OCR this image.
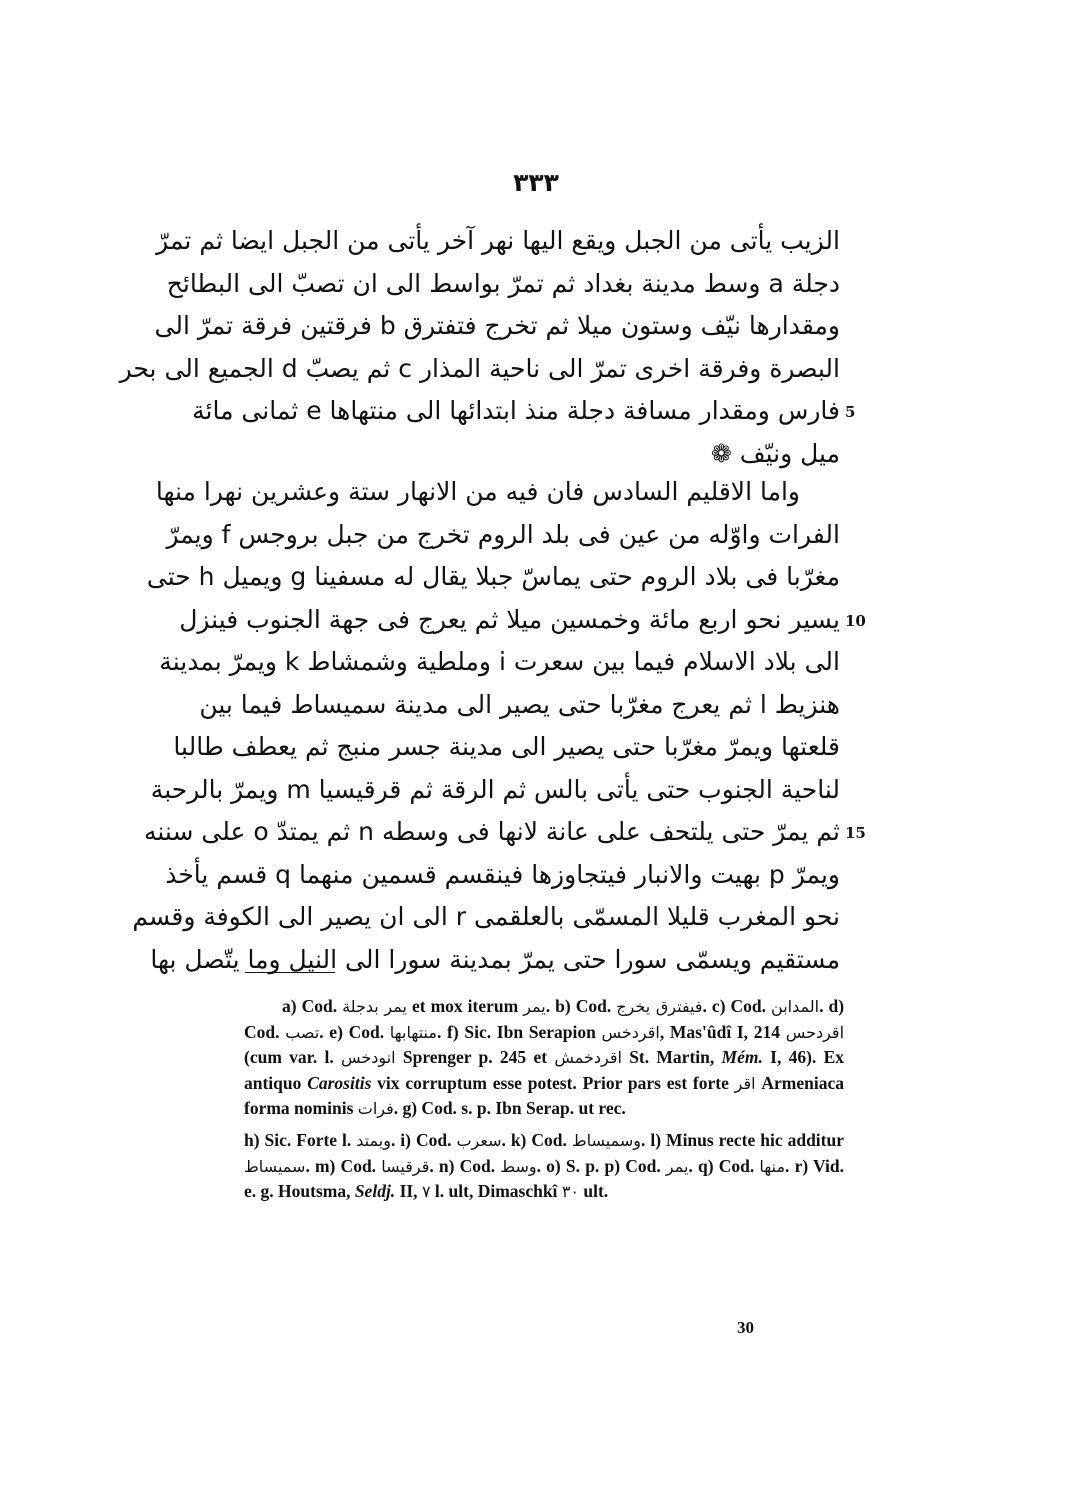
٣٣٣
الزيب يأتى من الجبل ويقع اليها نهر آخر يأتى من الجبل ايضا ثم تمرّ
دجلة a وسط مدينة بغداد ثم تمرّ بواسط الى ان تصبّ الى البطائح
ومقدارها نيّف وستون ميلا ثم تخرج فتفترق b فرقتين فرقة تمرّ الى
البصرة وفرقة اخرى تمرّ الى ناحية المذار c ثم يصبّ d الجميع الى بحر
فارس ومقدار مسافة دجلة منذ ابتدائها الى منتهاها e ثمانى مائة
ميل ونيّف ❁
واما الاقليم السادس فان فيه من الانهار ستة وعشرين نهرا منها
الفرات واوّله من عين فى بلد الروم تخرج من جبل بروجس f ويمرّ
مغرّبا فى بلاد الروم حتى يماسّ جبلا يقال له مسفينا g ويميل h حتى
يسير نحو اربع مائة وخمسين ميلا ثم يعرج فى جهة الجنوب فينزل
الى بلاد الاسلام فيما بين سعرت i وملطية وشمشاط k ويمرّ بمدينة
هنزيط l ثم يعرج مغرّبا حتى يصير الى مدينة سميساط فيما بين
قلعتها ويمرّ مغرّبا حتى يصير الى مدينة جسر منبج ثم يعطف طالبا
لناحية الجنوب حتى يأتى بالس ثم الرقة ثم قرقيسيا m ويمرّ بالرحبة
ثم يمرّ حتى يلتحف على عانة لانها فى وسطه n ثم يمتدّ o على سننه
ويمرّ p بهيت والانبار فيتجاوزها فينقسم قسمين منهما q قسم يأخذ
نحو المغرب قليلا المسمّى بالعلقمى r الى ان يصير الى الكوفة وقسم
مستقيم ويسمّى سورا حتى يمرّ بمدينة سورا الى النيل وما يتّصل بها
5
10
15

a) Cod. يمر بدجلة et mox iterum يمر. b) Cod. فيفترق يخرج. c) Cod. المدابن. d) Cod. تصب. e) Cod. منتهابها. f) Sic. Ibn Serapion اقردخس, Mas'ûdî I, 214 اقردحس (cum var. l. انودخس Sprenger p. 245 et اقردخمش St. Martin, Mém. I, 46). Ex antiquo Carositis vix corruptum esse potest. Prior pars est forte اقر Armeniaca forma nominis فرات. g) Cod. s. p. Ibn Serap. ut rec.

h) Sic. Forte l. ويمتد. i) Cod. سعرب. k) Cod. وسميساط. l) Minus recte hic additur سميساط. m) Cod. قرقيسا. n) Cod. وسط. o) S. p. p) Cod. يمر. q) Cod. منها. r) Vid. e. g. Houtsma, Seldj. II, ٧ l. ult, Dimaschkî ٣٠ ult.

30
